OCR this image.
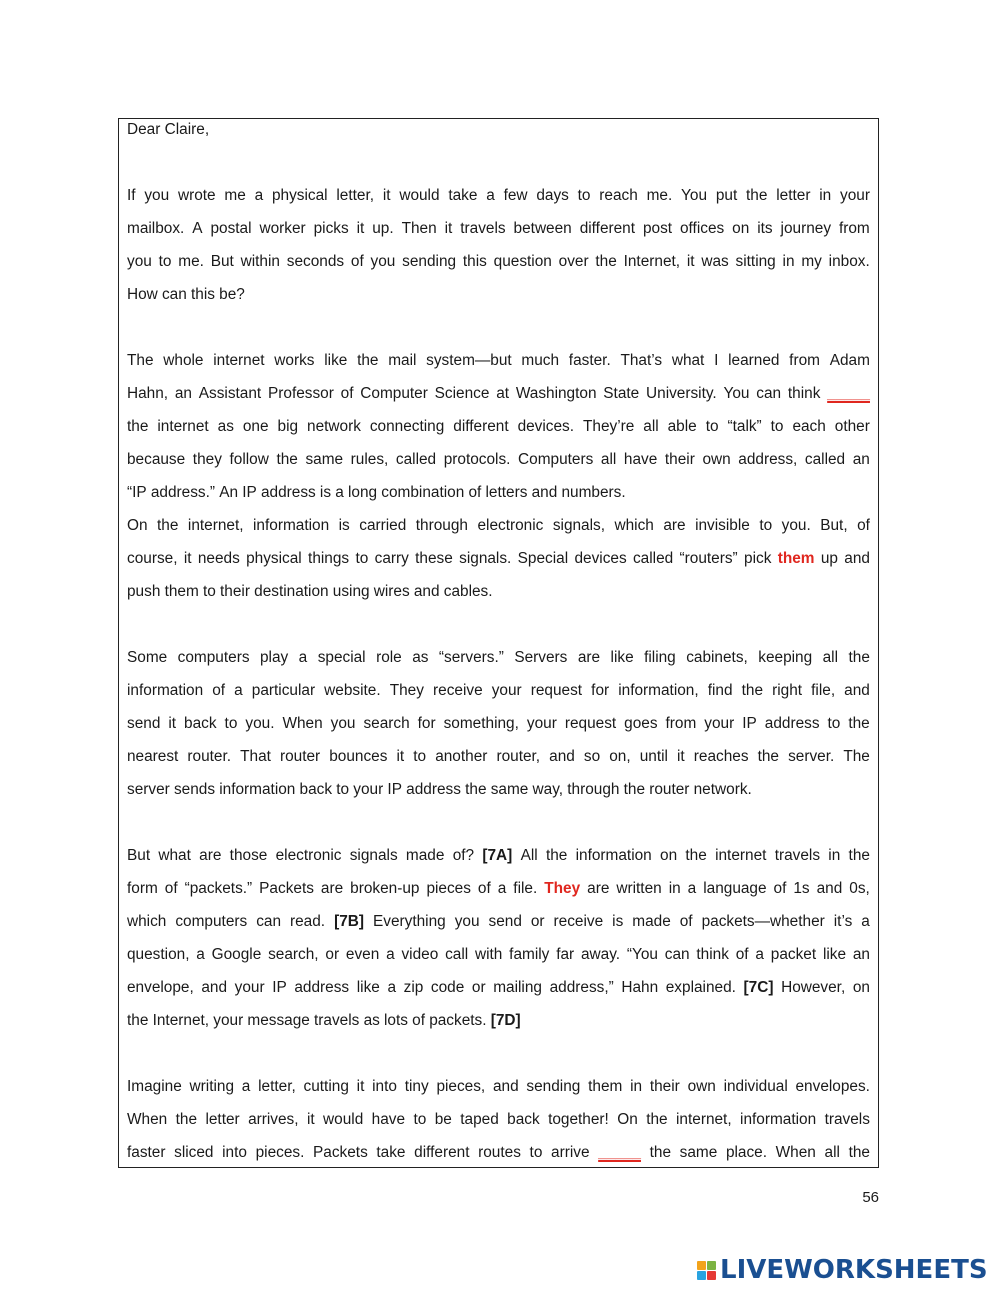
Dear Claire,
If you wrote me a physical letter, it would take a few days to reach me. You put the letter in your
mailbox. A postal worker picks it up. Then it travels between different post offices on its journey from
you to me. But within seconds of you sending this question over the Internet, it was sitting in my inbox.
How can this be?
The whole internet works like the mail system—but much faster. That’s what I learned from Adam
Hahn, an Assistant Professor of Computer Science at Washington State University. You can think _____
the internet as one big network connecting different devices. They’re all able to “talk” to each other
because they follow the same rules, called protocols. Computers all have their own address, called an
“IP address.” An IP address is a long combination of letters and numbers.
On the internet, information is carried through electronic signals, which are invisible to you. But, of
course, it needs physical things to carry these signals. Special devices called “routers” pick them up and
push them to their destination using wires and cables.
Some computers play a special role as “servers.” Servers are like filing cabinets, keeping all the
information of a particular website. They receive your request for information, find the right file, and
send it back to you. When you search for something, your request goes from your IP address to the
nearest router. That router bounces it to another router, and so on, until it reaches the server. The
server sends information back to your IP address the same way, through the router network.
But what are those electronic signals made of? [7A] All the information on the internet travels in the
form of “packets.” Packets are broken-up pieces of a file. They are written in a language of 1s and 0s,
which computers can read. [7B] Everything you send or receive is made of packets—whether it’s a
question, a Google search, or even a video call with family far away. “You can think of a packet like an
envelope, and your IP address like a zip code or mailing address,” Hahn explained. [7C] However, on
the Internet, your message travels as lots of packets. [7D]
Imagine writing a letter, cutting it into tiny pieces, and sending them in their own individual envelopes.
When the letter arrives, it would have to be taped back together! On the internet, information travels
faster sliced into pieces. Packets take different routes to arrive _____ the same place. When all the
56
LIVEWORKSHEETS
